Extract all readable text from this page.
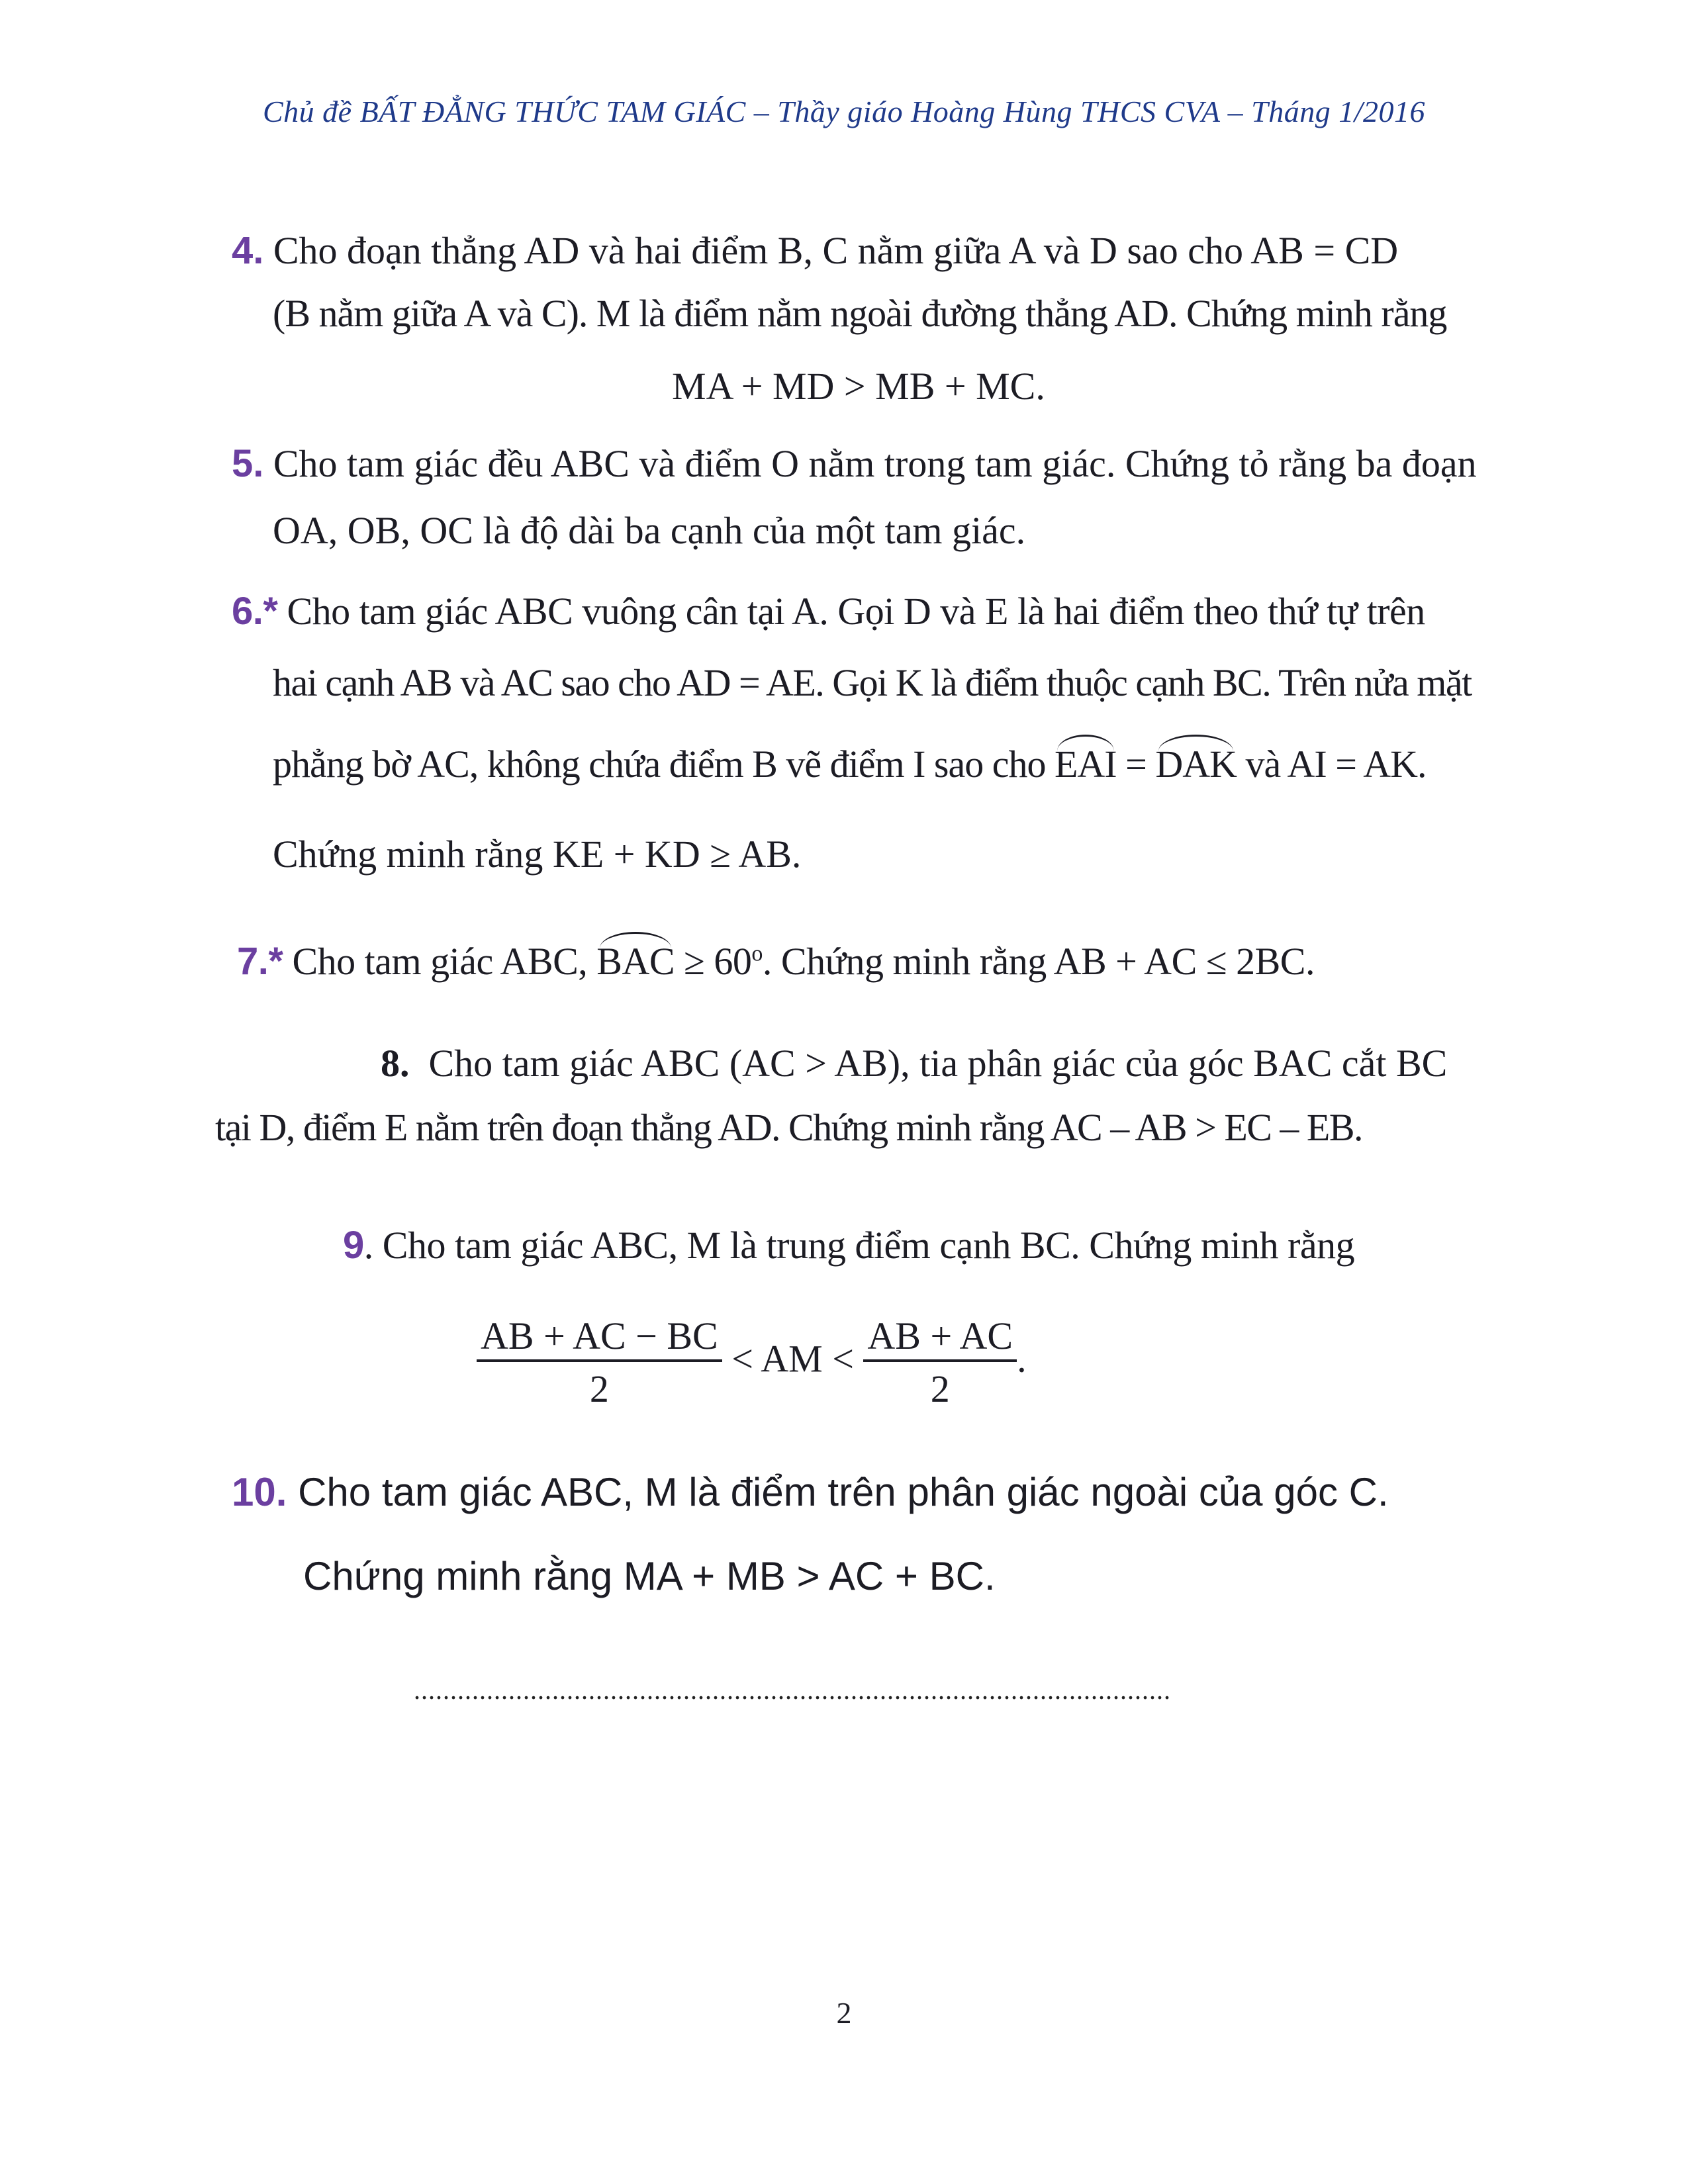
Chủ đề BẤT ĐẲNG THỨC TAM GIÁC – Thầy giáo Hoàng Hùng THCS CVA – Tháng 1/2016
4. Cho đoạn thẳng AD và hai điểm B, C nằm giữa A và D sao cho AB = CD
(B nằm giữa A và C). M là điểm nằm ngoài đường thẳng AD. Chứng minh rằng
MA + MD > MB + MC.
5. Cho tam giác đều ABC và điểm O nằm trong tam giác. Chứng tỏ rằng ba đoạn
OA, OB, OC là độ dài ba cạnh của một tam giác.
6.* Cho tam giác ABC vuông cân tại A. Gọi D và E là hai điểm theo thứ tự trên
hai cạnh AB và AC sao cho AD = AE. Gọi K là điểm thuộc cạnh BC. Trên nửa mặt
phẳng bờ AC, không chứa điểm B vẽ điểm I sao cho EAI = DAK và AI = AK.
Chứng minh rằng KE + KD ≥ AB.
7.* Cho tam giác ABC, BAC ≥ $60^o$. Chứng minh rằng AB + AC ≤ 2BC.
8. Cho tam giác ABC (AC > AB), tia phân giác của góc BAC cắt BC
tại D, điểm E nằm trên đoạn thẳng AD. Chứng minh rằng AC – AB > EC – EB.
9. Cho tam giác ABC, M là trung điểm cạnh BC. Chứng minh rằng
$\frac{AB + AC - BC}{2}$ < AM < $\frac{AB + AC}{2}$ .
10. Cho tam giác ABC, M là điểm trên phân giác ngoài của góc C.
Chứng minh rằng MA + MB > AC + BC.
........................................................................................................
2
